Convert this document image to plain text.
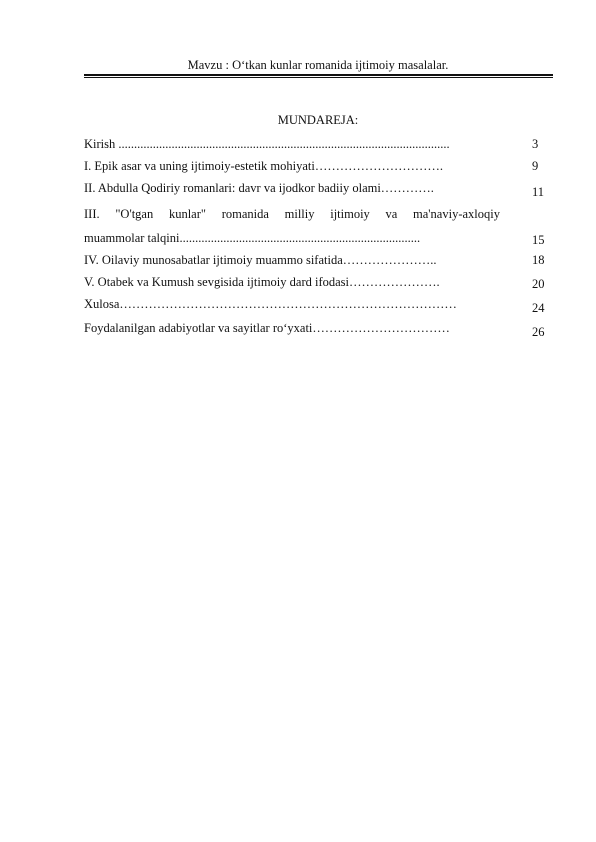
Mavzu : O‘tkan kunlar romanida ijtimoiy masalalar.
MUNDAREJA:
Kirish ..........................................................................................................	3
I. Epik asar va uning ijtimoiy-estetik mohiyati………………………….	9
II. Abdulla Qodiriy romanlari: davr va ijodkor badiiy olami………….	11
III. "O'tgan kunlar" romanida milliy ijtimoiy va ma'naviy-axloqiy
muammolar talqini.............................................................................	15
IV. Oilaviy munosabatlar ijtimoiy muammo sifatida…………………..	18
V. Otabek va Kumush sevgisida ijtimoiy dard ifodasi………………….	20
Xulosa………………………………………………………………………	24
Foydalanilgan adabiyotlar va sayitlar ro‘yxati……………………………	26
